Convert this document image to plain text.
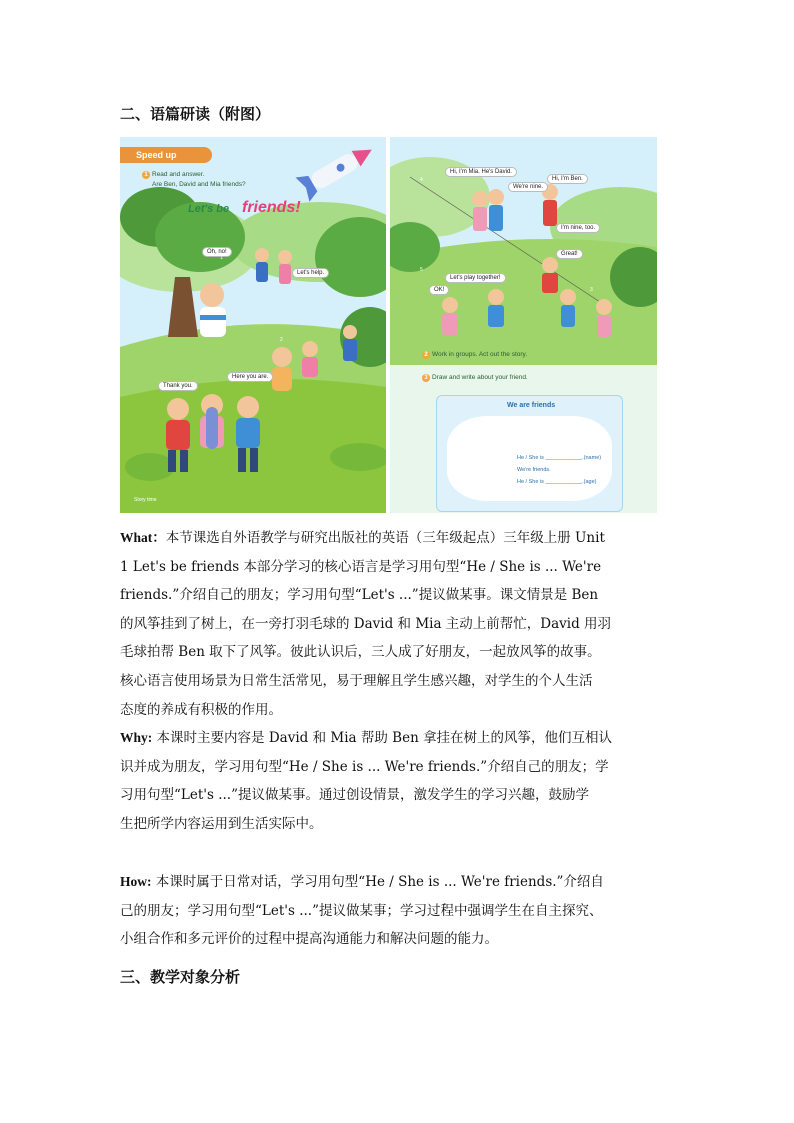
二、语篇研读（附图）
Speed up
1 Read and answer.
Are Ben, David and Mia friends?
Let's be friends!
Oh, no!
Let's help.
Here you are.
Thank you.
1
2
Story time
Hi, I'm Mia. He's David.
Hi, I'm Ben.
We're nine.
I'm nine, too.
Great!
Let's play together!
OK!
4
5
3
2 Work in groups. Act out the story.
3 Draw and write about your friend.
We are friends
He / She is ____________.(name)
We're friends.
He / She is ____________.(age)
What：本节课选自外语教学与研究出版社的英语（三年级起点）三年级上册 Unit
1 Let's be friends 本部分学习的核心语言是学习用句型“He / She is ... We're
friends.”介绍自己的朋友；学习用句型“Let's ...”提议做某事。课文情景是 Ben
的风筝挂到了树上，在一旁打羽毛球的 David 和 Mia 主动上前帮忙，David 用羽
毛球拍帮 Ben 取下了风筝。彼此认识后，三人成了好朋友，一起放风筝的故事。
核心语言使用场景为日常生活常见，易于理解且学生感兴趣，对学生的个人生活
态度的养成有积极的作用。
Why: 本课时主要内容是 David 和 Mia 帮助 Ben 拿挂在树上的风筝，他们互相认
识并成为朋友，学习用句型“He / She is ... We're friends.”介绍自己的朋友；学
习用句型“Let's ...”提议做某事。通过创设情景，激发学生的学习兴趣，鼓励学
生把所学内容运用到生活实际中。
How: 本课时属于日常对话，学习用句型“He / She is ... We're friends.”介绍自
己的朋友；学习用句型“Let's ...”提议做某事；学习过程中强调学生在自主探究、
小组合作和多元评价的过程中提高沟通能力和解决问题的能力。
三、教学对象分析
